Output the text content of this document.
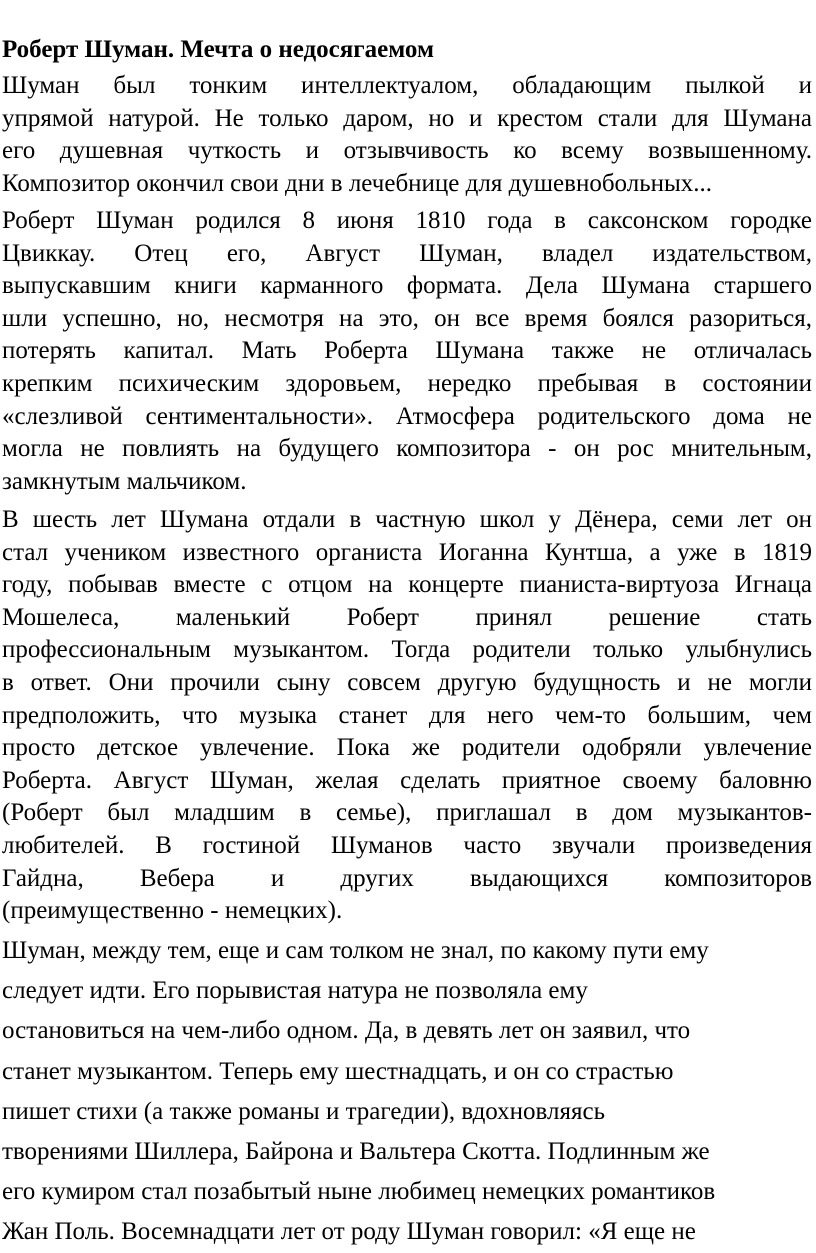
Роберт Шуман. Мечта о недосягаемом
Шуман был тонким интеллектуалом, обладающим пылкой и
упрямой натурой. Не только даром, но и крестом стали для Шумана
его душевная чуткость и отзывчивость ко всему возвышенному.
Композитор окончил свои дни в лечебнице для душевнобольных...
Роберт Шуман родился 8 июня 1810 года в саксонском городке
Цвиккау. Отец его, Август Шуман, владел издательством,
выпускавшим книги карманного формата. Дела Шумана старшего
шли успешно, но, несмотря на это, он все время боялся разориться,
потерять капитал. Мать Роберта Шумана также не отличалась
крепким психическим здоровьем, нередко пребывая в состоянии
«слезливой сентиментальности». Атмосфера родительского дома не
могла не повлиять на будущего композитора - он рос мнительным,
замкнутым мальчиком.
В шесть лет Шумана отдали в частную школ у Дёнера, семи лет он
стал учеником известного органиста Иоганна Кунтша, а уже в 1819
году, побывав вместе с отцом на концерте пианиста-виртуоза Игнаца
Мошелеса, маленький Роберт принял решение стать
профессиональным музыкантом. Тогда родители только улыбнулись
в ответ. Они прочили сыну совсем другую будущность и не могли
предположить, что музыка станет для него чем-то большим, чем
просто детское увлечение. Пока же родители одобряли увлечение
Роберта. Август Шуман, желая сделать приятное своему баловню
(Роберт был младшим в семье), приглашал в дом музыкантов-
любителей. В гостиной Шуманов часто звучали произведения
Гайдна, Вебера и других выдающихся композиторов
(преимущественно - немецких).
Шуман, между тем, еще и сам толком не знал, по какому пути ему
следует идти. Его порывистая натура не позволяла ему
остановиться на чем-либо одном. Да, в девять лет он заявил, что
станет музыкантом. Теперь ему шестнадцать, и он со страстью
пишет стихи (а также романы и трагедии), вдохновляясь
творениями Шиллера, Байрона и Вальтера Скотта. Подлинным же
его кумиром стал позабытый ныне любимец немецких романтиков
Жан Поль. Восемнадцати лет от роду Шуман говорил: «Я еще не
